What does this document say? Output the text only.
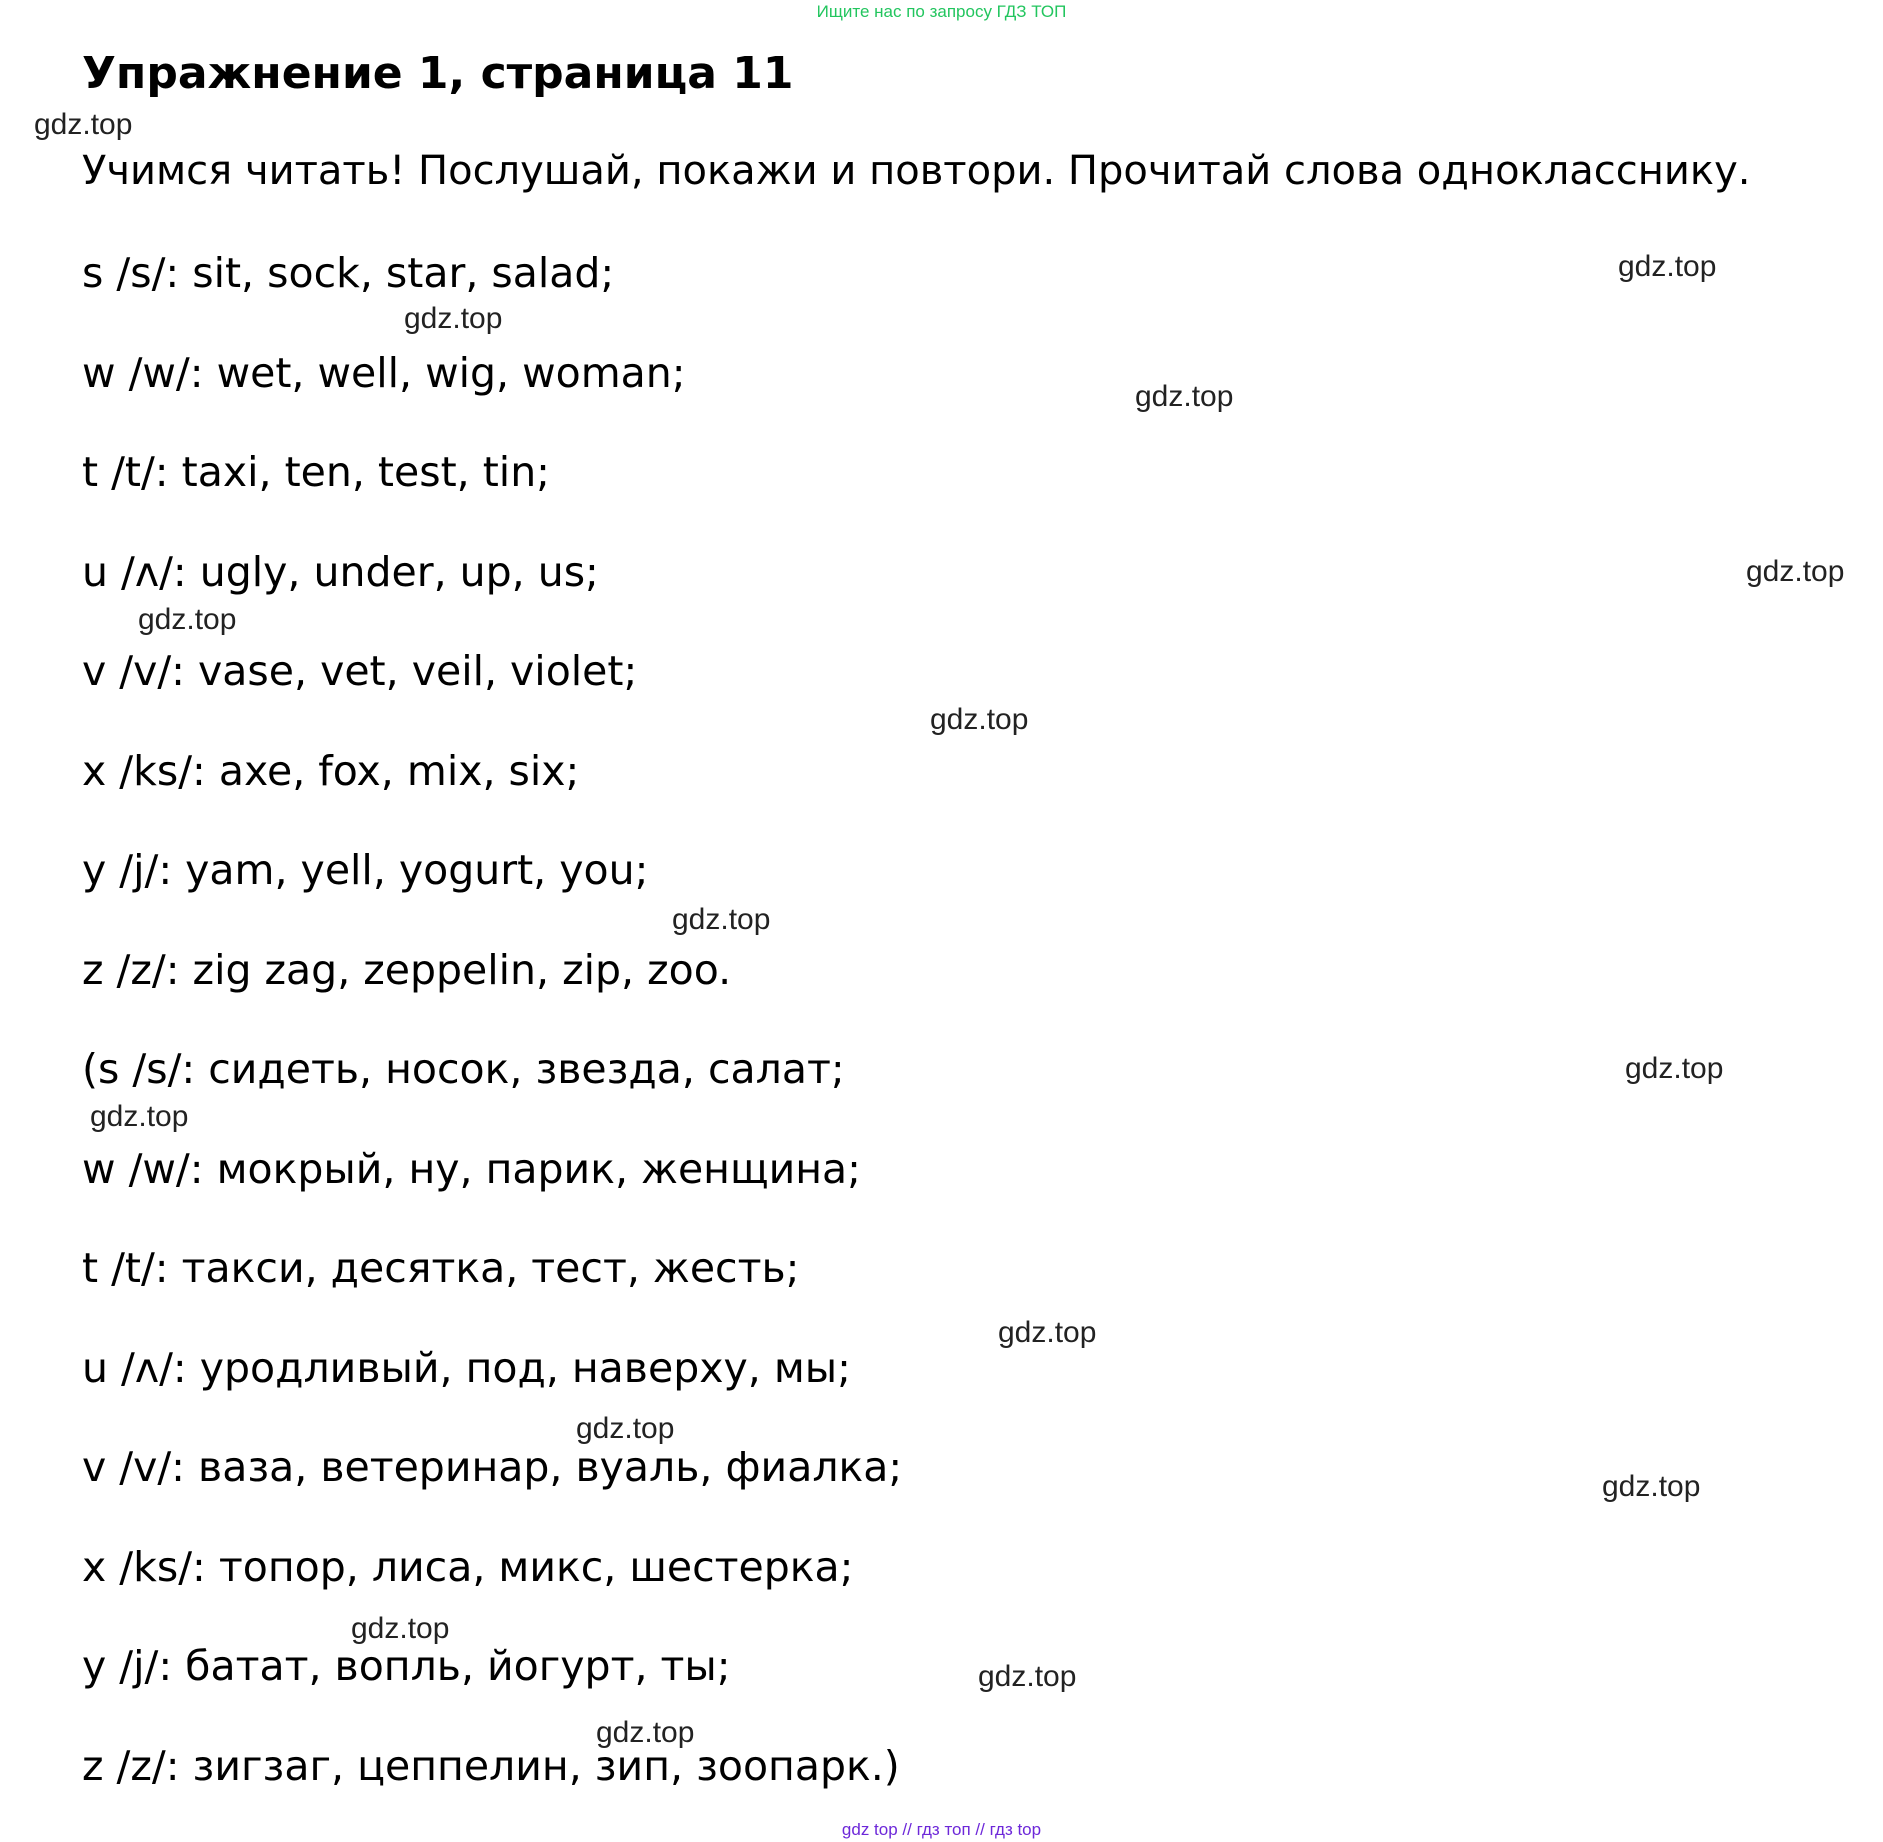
Ищите нас по запросу ГДЗ ТОП
Упражнение 1, страница 11

Учимся читать! Послушай, покажи и повтори. Прочитай слова однокласснику.

s /s/: sit, sock, star, salad;
w /w/: wet, well, wig, woman;
t /t/: taxi, ten, test, tin;
u /ʌ/: ugly, under, up, us;
v /v/: vase, vet, veil, violet;
x /ks/: axe, fox, mix, six;
y /j/: yam, yell, yogurt, you;
z /z/: zig zag, zeppelin, zip, zoo.
(s /s/: сидеть, носок, звезда, салат;
w /w/: мокрый, ну, парик, женщина;
t /t/: такси, десятка, тест, жесть;
u /ʌ/: уродливый, под, наверху, мы;
v /v/: ваза, ветеринар, вуаль, фиалка;
x /ks/: топор, лиса, микс, шестерка;
y /j/: батат, вопль, йогурт, ты;
z /z/: зигзаг, цеппелин, зип, зоопарк.)
gdz.top
gdz.top
gdz.top
gdz.top
gdz.top
gdz.top
gdz.top
gdz.top
gdz.top
gdz.top
gdz.top
gdz.top
gdz.top
gdz.top
gdz.top
gdz.top
gdz top // гдз топ // гдз top
